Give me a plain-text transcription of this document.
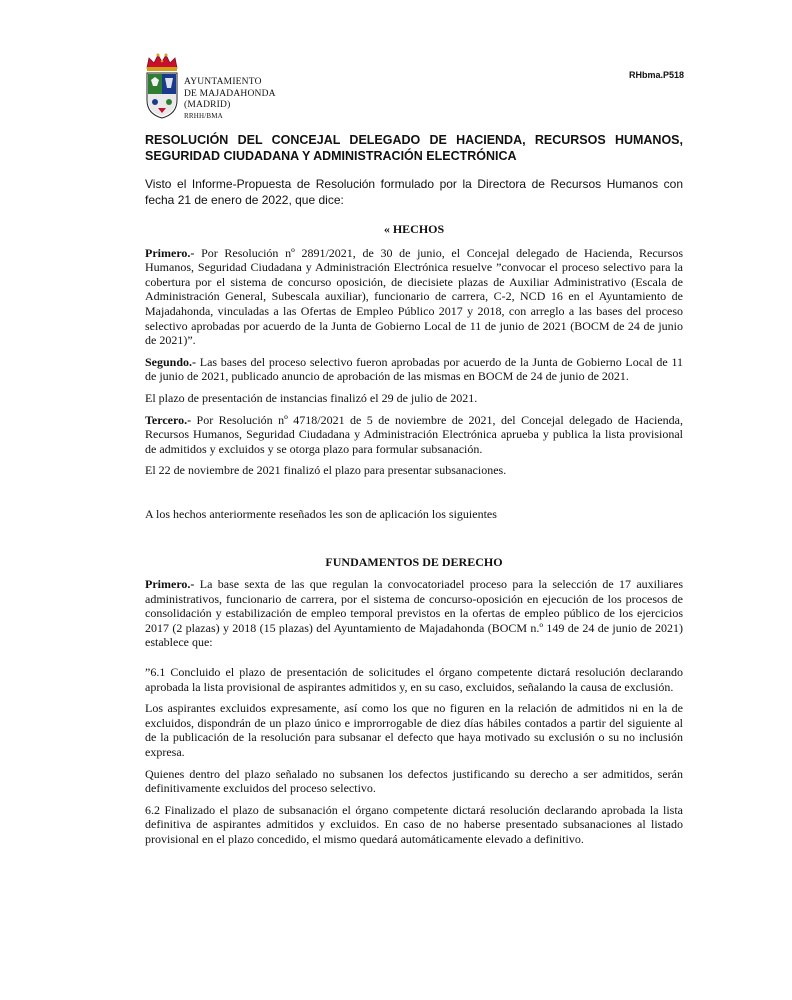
AYUNTAMIENTO
DE MAJADAHONDA
(MADRID)
RRHH/BMA
RHbma.P518
RESOLUCIÓN DEL CONCEJAL DELEGADO DE HACIENDA, RECURSOS HUMANOS, SEGURIDAD CIUDADANA Y ADMINISTRACIÓN ELECTRÓNICA
Visto el Informe-Propuesta de Resolución formulado por la Directora de Recursos Humanos con fecha 21 de enero de 2022, que dice:

« HECHOS

Primero.- Por Resolución nº 2891/2021, de 30 de junio, el Concejal delegado de Hacienda, Recursos Humanos, Seguridad Ciudadana y Administración Electrónica resuelve ”convocar el proceso selectivo para la cobertura por el sistema de concurso oposición, de diecisiete plazas de Auxiliar Administrativo (Escala de Administración General, Subescala auxiliar), funcionario de carrera, C-2, NCD 16 en el Ayuntamiento de Majadahonda, vinculadas a las Ofertas de Empleo Público 2017 y 2018, con arreglo a las bases del proceso selectivo aprobadas por acuerdo de la Junta de Gobierno Local de 11 de junio de 2021 (BOCM de 24 de junio de 2021)”.

Segundo.- Las bases del proceso selectivo fueron aprobadas por acuerdo de la Junta de Gobierno Local de 11 de junio de 2021, publicado anuncio de aprobación de las mismas en BOCM de 24 de junio de 2021.

El plazo de presentación de instancias finalizó el 29 de julio de 2021.

Tercero.- Por Resolución nº 4718/2021 de 5 de noviembre de 2021, del Concejal delegado de Hacienda, Recursos Humanos, Seguridad Ciudadana y Administración Electrónica aprueba y publica la lista provisional de admitidos y excluidos y se otorga plazo para formular subsanación.

El 22 de noviembre de 2021 finalizó el plazo para presentar subsanaciones.

A los hechos anteriormente reseñados les son de aplicación los siguientes

FUNDAMENTOS DE DERECHO

Primero.- La base sexta de las que regulan la convocatoriadel proceso para la selección de 17 auxiliares administrativos, funcionario de carrera, por el sistema de concurso-oposición en ejecución de los procesos de consolidación y estabilización de empleo temporal previstos en la ofertas de empleo público de los ejercicios 2017 (2 plazas) y 2018 (15 plazas) del Ayuntamiento de Majadahonda (BOCM n.º 149 de 24 de junio de 2021) establece que:

”6.1 Concluido el plazo de presentación de solicitudes el órgano competente dictará resolución declarando aprobada la lista provisional de aspirantes admitidos y, en su caso, excluidos, señalando la causa de exclusión.

Los aspirantes excluidos expresamente, así como los que no figuren en la relación de admitidos ni en la de excluidos, dispondrán de un plazo único e improrrogable de diez días hábiles contados a partir del siguiente al de la publicación de la resolución para subsanar el defecto que haya motivado su exclusión o su no inclusión expresa.

Quienes dentro del plazo señalado no subsanen los defectos justificando su derecho a ser admitidos, serán definitivamente excluidos del proceso selectivo.

6.2 Finalizado el plazo de subsanación el órgano competente dictará resolución declarando aprobada la lista definitiva de aspirantes admitidos y excluidos. En caso de no haberse presentado subsanaciones al listado provisional en el plazo concedido, el mismo quedará automáticamente elevado a definitivo.
